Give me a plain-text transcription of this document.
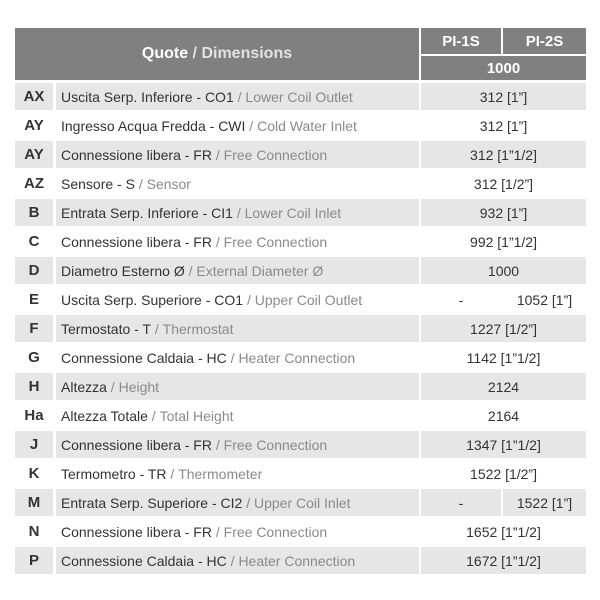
Quote / Dimensions
PI-1S	PI-2S
1000
AX	Uscita Serp. Inferiore - CO1 / Lower Coil Outlet	312 [1”]
AY	Ingresso Acqua Fredda - CWI / Cold Water Inlet	312 [1”]
AY	Connessione libera - FR / Free Connection	312 [1”1/2]
AZ	Sensore - S / Sensor	312 [1/2”]
B	Entrata Serp. Inferiore - CI1 / Lower Coil Inlet	932 [1”]
C	Connessione libera - FR / Free Connection	992 [1”1/2]
D	Diametro Esterno Ø / External Diameter Ø	1000
E	Uscita Serp. Superiore - CO1 / Upper Coil Outlet	-	1052 [1”]
F	Termostato - T / Thermostat	1227 [1/2”]
G	Connessione Caldaia - HC / Heater Connection	1142 [1”1/2]
H	Altezza / Height	2124
Ha	Altezza Totale / Total Height	2164
J	Connessione libera - FR / Free Connection	1347 [1”1/2]
K	Termometro - TR / Thermometer	1522 [1/2”]
M	Entrata Serp. Superiore - CI2 / Upper Coil Inlet	-	1522 [1”]
N	Connessione libera - FR / Free Connection	1652 [1”1/2]
P	Connessione Caldaia - HC / Heater Connection	1672 [1”1/2]
